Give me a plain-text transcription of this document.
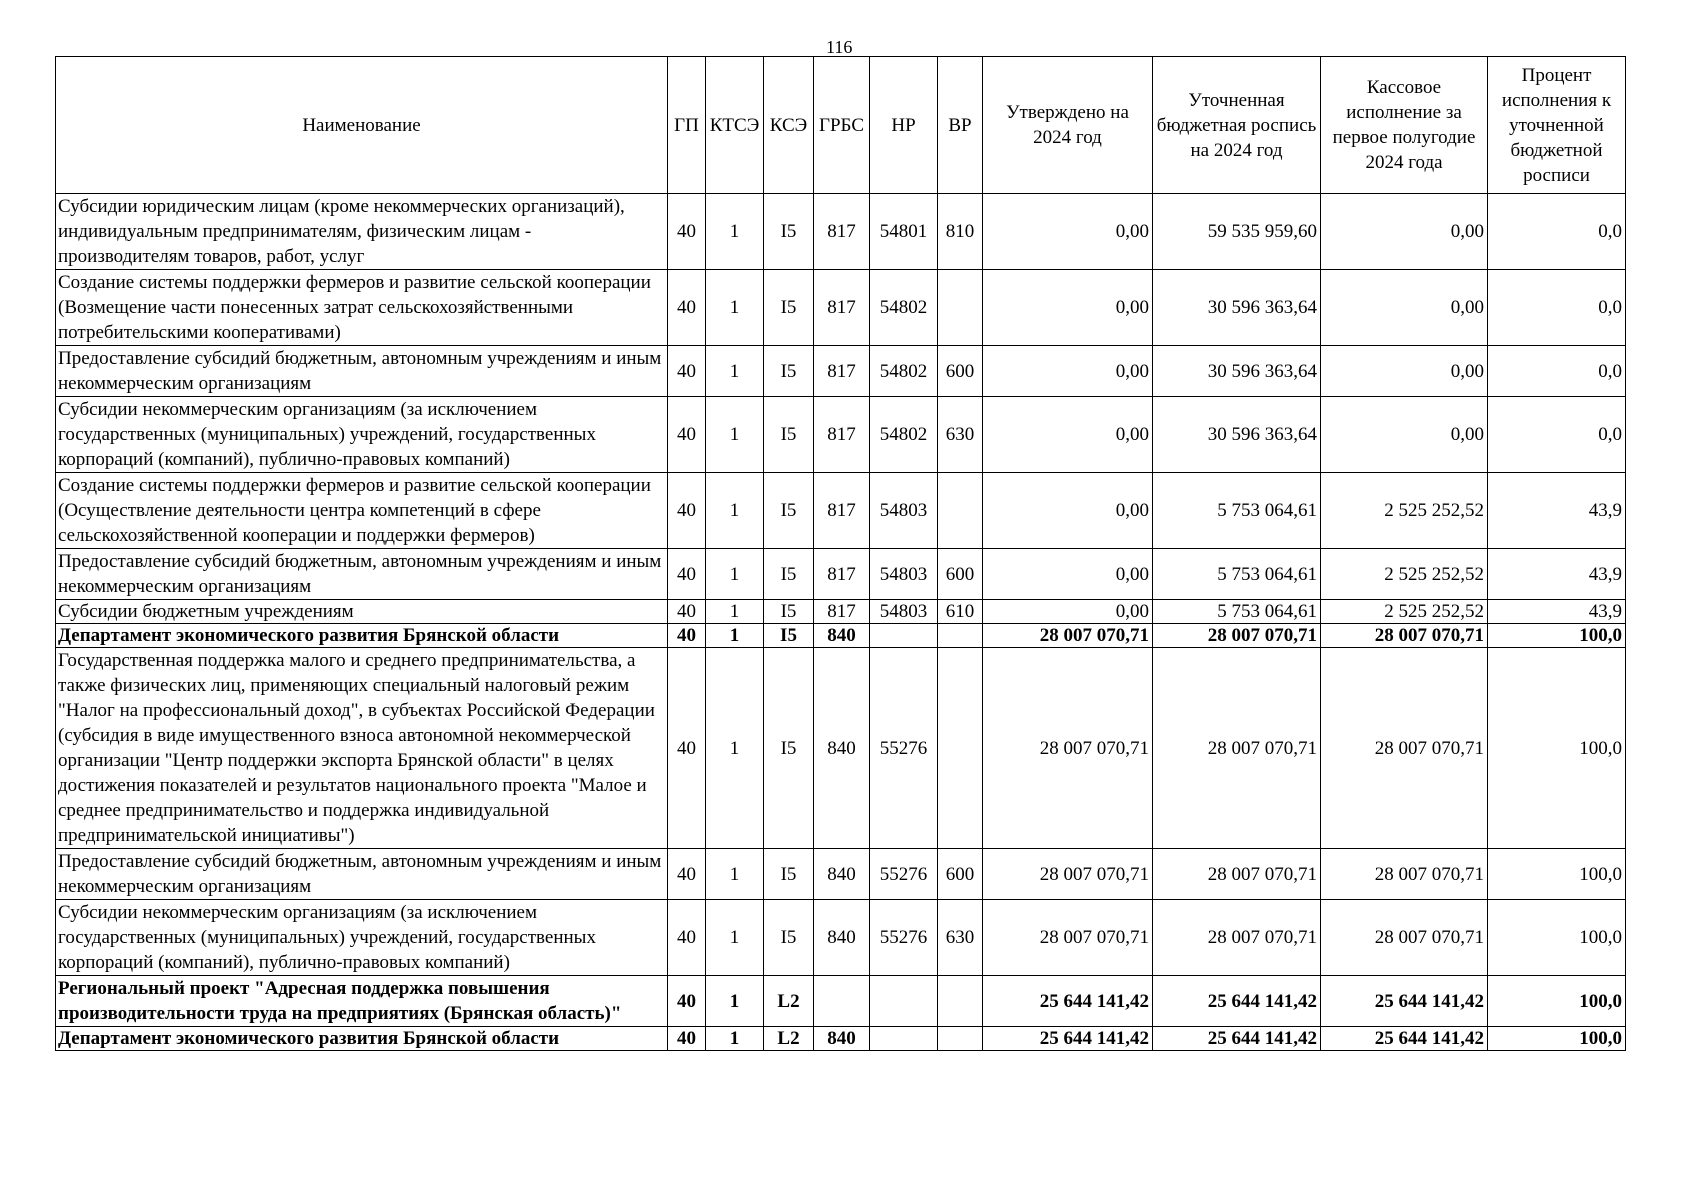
116
Наименование	ГП	КТСЭ	КСЭ	ГРБС	НР	ВР	Утверждено на 2024 год	Уточненная бюджетная роспись на 2024 год	Кассовое исполнение за первое полугодие 2024 года	Процент исполнения к уточненной бюджетной росписи
Субсидии юридическим лицам (кроме некоммерческих организаций), индивидуальным предпринимателям, физическим лицам - производителям товаров, работ, услуг	40	1	I5	817	54801	810	0,00	59 535 959,60	0,00	0,0
Создание системы поддержки фермеров и развитие сельской кооперации (Возмещение части понесенных затрат сельскохозяйственными потребительскими кооперативами)	40	1	I5	817	54802		0,00	30 596 363,64	0,00	0,0
Предоставление субсидий бюджетным, автономным учреждениям и иным некоммерческим организациям	40	1	I5	817	54802	600	0,00	30 596 363,64	0,00	0,0
Субсидии некоммерческим организациям (за исключением государственных (муниципальных) учреждений, государственных корпораций (компаний), публично-правовых компаний)	40	1	I5	817	54802	630	0,00	30 596 363,64	0,00	0,0
Создание системы поддержки фермеров и развитие сельской кооперации (Осуществление деятельности центра компетенций в сфере сельскохозяйственной кооперации и поддержки фермеров)	40	1	I5	817	54803		0,00	5 753 064,61	2 525 252,52	43,9
Предоставление субсидий бюджетным, автономным учреждениям и иным некоммерческим организациям	40	1	I5	817	54803	600	0,00	5 753 064,61	2 525 252,52	43,9
Субсидии бюджетным учреждениям	40	1	I5	817	54803	610	0,00	5 753 064,61	2 525 252,52	43,9
Департамент экономического развития Брянской области	40	1	I5	840			28 007 070,71	28 007 070,71	28 007 070,71	100,0
Государственная поддержка малого и среднего предпринимательства, а также физических лиц, применяющих специальный налоговый режим "Налог на профессиональный доход", в субъектах Российской Федерации (субсидия в виде имущественного взноса автономной некоммерческой организации "Центр поддержки экспорта Брянской области" в целях достижения показателей и результатов национального проекта "Малое и среднее предпринимательство и поддержка индивидуальной предпринимательской инициативы")	40	1	I5	840	55276		28 007 070,71	28 007 070,71	28 007 070,71	100,0
Предоставление субсидий бюджетным, автономным учреждениям и иным некоммерческим организациям	40	1	I5	840	55276	600	28 007 070,71	28 007 070,71	28 007 070,71	100,0
Субсидии некоммерческим организациям (за исключением государственных (муниципальных) учреждений, государственных корпораций (компаний), публично-правовых компаний)	40	1	I5	840	55276	630	28 007 070,71	28 007 070,71	28 007 070,71	100,0
Региональный проект "Адресная поддержка повышения производительности труда на предприятиях (Брянская область)"	40	1	L2				25 644 141,42	25 644 141,42	25 644 141,42	100,0
Департамент экономического развития Брянской области	40	1	L2	840			25 644 141,42	25 644 141,42	25 644 141,42	100,0
